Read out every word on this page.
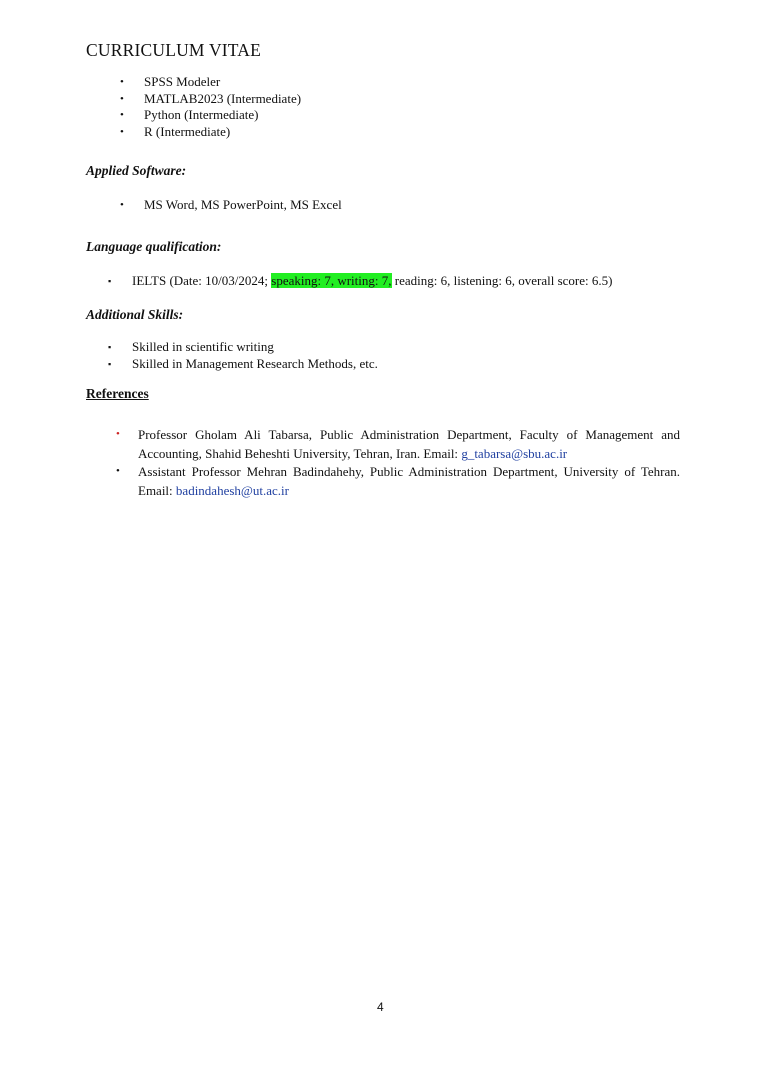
CURRICULUM VITAE
• SPSS Modeler
• MATLAB2023 (Intermediate)
• Python (Intermediate)
• R (Intermediate)
Applied Software:
• MS Word, MS PowerPoint, MS Excel
Language qualification:
▪ IELTS (Date: 10/03/2024; speaking: 7, writing: 7, reading: 6, listening: 6, overall score: 6.5)
Additional Skills:
▪ Skilled in scientific writing
▪ Skilled in Management Research Methods, etc.
References
• Professor Gholam Ali Tabarsa, Public Administration Department, Faculty of Management and Accounting, Shahid Beheshti University, Tehran, Iran. Email: g_tabarsa@sbu.ac.ir
• Assistant Professor Mehran Badindahehy, Public Administration Department, University of Tehran. Email: badindahesh@ut.ac.ir
4
